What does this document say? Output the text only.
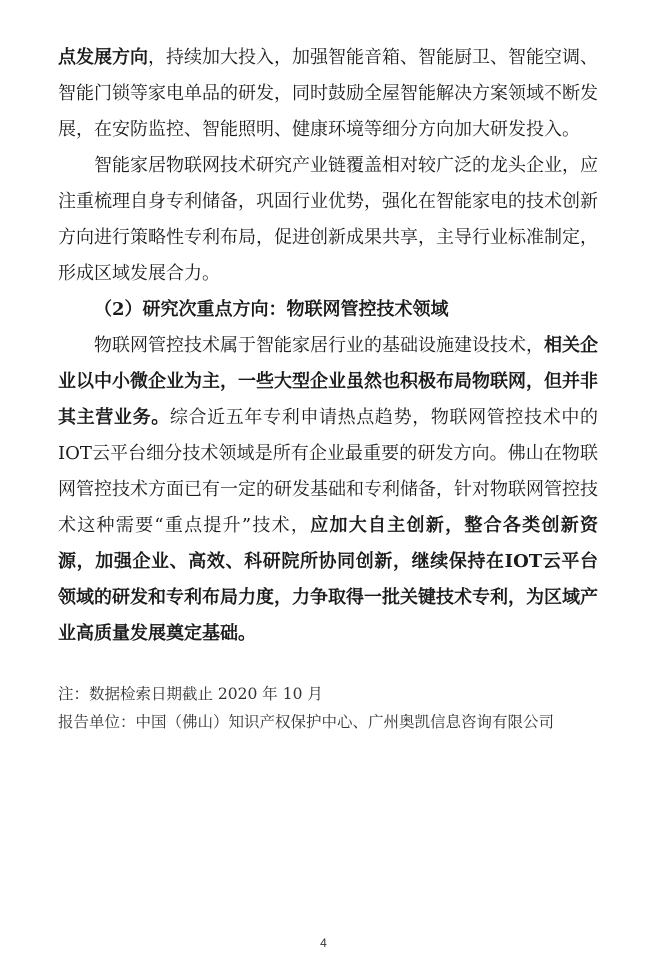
点发展方向，持续加大投入，加强智能音箱、智能厨卫、智能空调、智能门锁等家电单品的研发，同时鼓励全屋智能解决方案领域不断发展，在安防监控、智能照明、健康环境等细分方向加大研发投入。

智能家居物联网技术研究产业链覆盖相对较广泛的龙头企业，应注重梳理自身专利储备，巩固行业优势，强化在智能家电的技术创新方向进行策略性专利布局，促进创新成果共享，主导行业标准制定，形成区域发展合力。

（2）研究次重点方向：物联网管控技术领域

物联网管控技术属于智能家居行业的基础设施建设技术，相关企业以中小微企业为主，一些大型企业虽然也积极布局物联网，但并非其主营业务。综合近五年专利申请热点趋势，物联网管控技术中的IOT云平台细分技术领域是所有企业最重要的研发方向。佛山在物联网管控技术方面已有一定的研发基础和专利储备，针对物联网管控技术这种需要“重点提升”技术，应加大自主创新，整合各类创新资源，加强企业、高效、科研院所协同创新，继续保持在IOT云平台领域的研发和专利布局力度，力争取得一批关键技术专利，为区域产业高质量发展奠定基础。

注：数据检索日期截止 2020 年 10 月

报告单位：中国（佛山）知识产权保护中心、广州奥凯信息咨询有限公司

4
